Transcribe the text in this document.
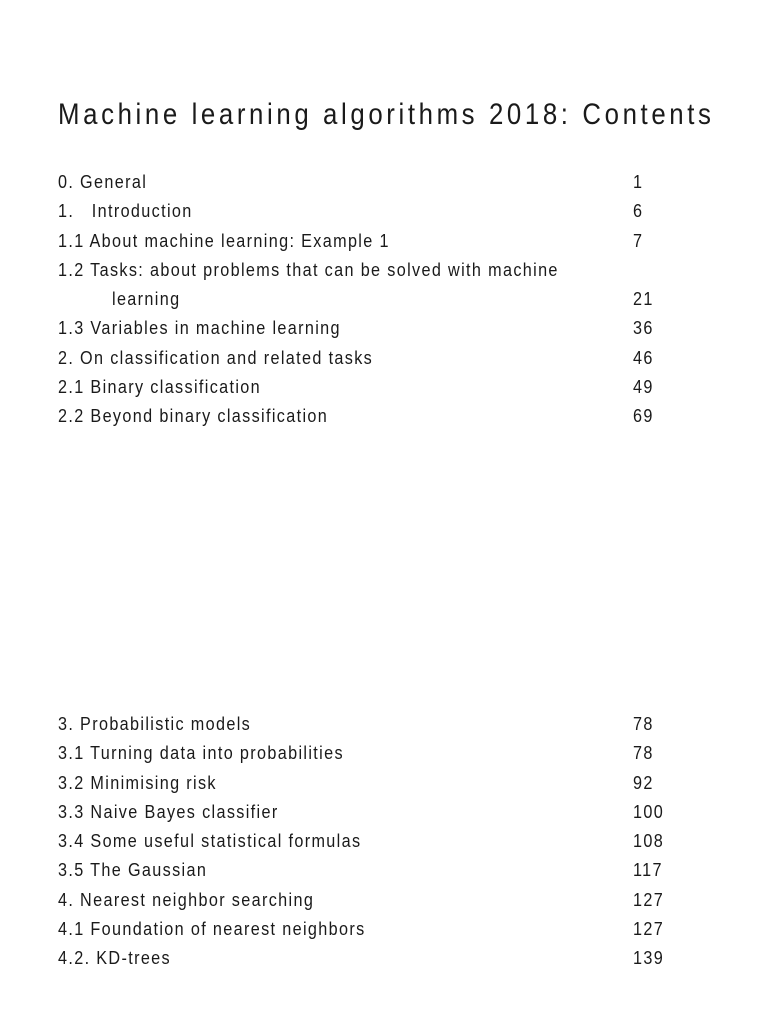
Machine learning algorithms 2018: Contents
0. General	1
1.   Introduction	6
1.1 About machine learning: Example 1	7
1.2 Tasks: about problems that can be solved with machine
learning	21
1.3 Variables in machine learning	36
2. On classification and related tasks	46
2.1 Binary classification	49
2.2 Beyond binary classification	69
3. Probabilistic models	78
3.1 Turning data into probabilities	78
3.2 Minimising risk	92
3.3 Naive Bayes classifier	100
3.4 Some useful statistical formulas	108
3.5 The Gaussian	117
4. Nearest neighbor searching	127
4.1 Foundation of nearest neighbors	127
4.2. KD-trees	139
